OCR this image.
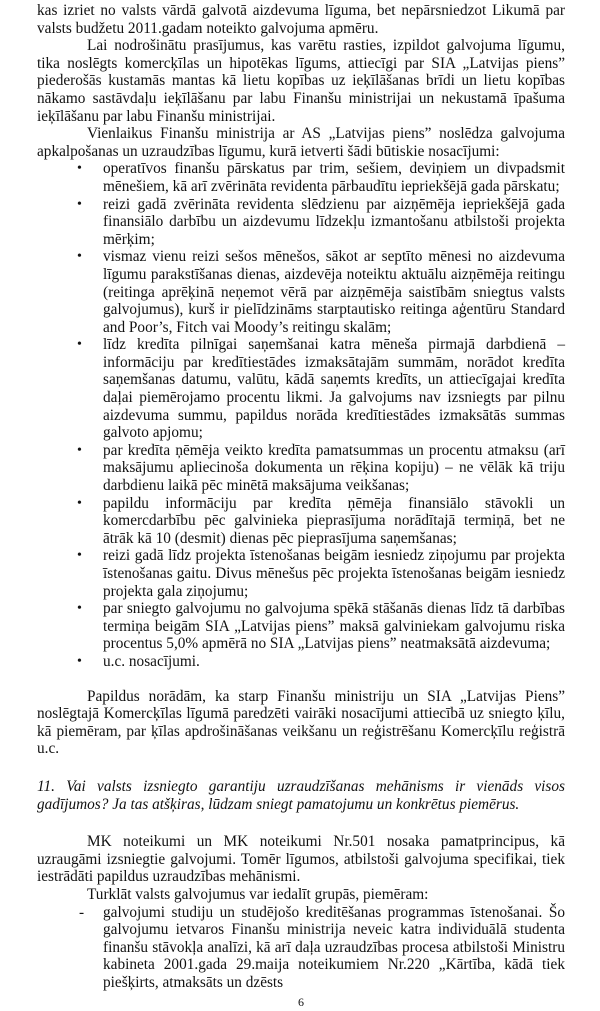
kas izriet no valsts vārdā galvotā aizdevuma līguma, bet nepārsniedzot Likumā par valsts budžetu 2011.gadam noteikto galvojuma apmēru.

Lai nodrošinātu prasījumus, kas varētu rasties, izpildot galvojuma līgumu, tika noslēgts komercķīlas un hipotēkas līgums, attiecīgi par SIA „Latvijas piens” piederošās kustamās mantas kā lietu kopības uz ieķīlāšanas brīdi un lietu kopības nākamo sastāvdaļu ieķīlāšanu par labu Finanšu ministrijai un nekustamā īpašuma ieķīlāšanu par labu Finanšu ministrijai.

Vienlaikus Finanšu ministrija ar AS „Latvijas piens” noslēdza galvojuma apkalpošanas un uzraudzības līgumu, kurā ietverti šādi būtiskie nosacījumi:

• operatīvos finanšu pārskatus par trim, sešiem, deviņiem un divpadsmit mēnešiem, kā arī zvērināta revidenta pārbaudītu iepriekšējā gada pārskatu;
• reizi gadā zvērināta revidenta slēdzienu par aizņēmēja iepriekšējā gada finansiālo darbību un aizdevumu līdzekļu izmantošanu atbilstoši projekta mērķim;
• vismaz vienu reizi sešos mēnešos, sākot ar septīto mēnesi no aizdevuma līgumu parakstīšanas dienas, aizdevēja noteiktu aktuālu aizņēmēja reitingu (reitinga aprēķinā neņemot vērā par aizņēmēja saistībām sniegtus valsts galvojumus), kurš ir pielīdzināms starptautisko reitinga aģentūru Standard and Poor’s, Fitch vai Moody’s reitingu skalām;
• līdz kredīta pilnīgai saņemšanai katra mēneša pirmajā darbdienā – informāciju par kredītiestādes izmaksātajām summām, norādot kredīta saņemšanas datumu, valūtu, kādā saņemts kredīts, un attiecīgajai kredīta daļai piemērojamo procentu likmi. Ja galvojums nav izsniegts par pilnu aizdevuma summu, papildus norāda kredītiestādes izmaksātās summas galvoto apjomu;
• par kredīta ņēmēja veikto kredīta pamatsummas un procentu atmaksu (arī maksājumu apliecinoša dokumenta un rēķina kopiju) – ne vēlāk kā triju darbdienu laikā pēc minētā maksājuma veikšanas;
• papildu informāciju par kredīta ņēmēja finansiālo stāvokli un komercdarbību pēc galvinieka pieprasījuma norādītajā termiņā, bet ne ātrāk kā 10 (desmit) dienas pēc pieprasījuma saņemšanas;
• reizi gadā līdz projekta īstenošanas beigām iesniedz ziņojumu par projekta īstenošanas gaitu. Divus mēnešus pēc projekta īstenošanas beigām iesniedz projekta gala ziņojumu;
• par sniegto galvojumu no galvojuma spēkā stāšanās dienas līdz tā darbības termiņa beigām SIA „Latvijas piens” maksā galviniekam galvojumu riska procentus 5,0% apmērā no SIA „Latvijas piens” neatmaksātā aizdevuma;
• u.c. nosacījumi.

Papildus norādām, ka starp Finanšu ministriju un SIA „Latvijas Piens” noslēgtajā Komercķīlas līgumā paredzēti vairāki nosacījumi attiecībā uz sniegto ķīlu, kā piemēram, par ķīlas apdrošināšanas veikšanu un reģistrēšanu Komercķīlu reģistrā u.c.

11. Vai valsts izsniegto garantiju uzraudzīšanas mehānisms ir vienāds visos gadījumos? Ja tas atšķiras, lūdzam sniegt pamatojumu un konkrētus piemērus.

MK noteikumi un MK noteikumi Nr.501 nosaka pamatprincipus, kā uzraugāmi izsniegtie galvojumi. Tomēr līgumos, atbilstoši galvojuma specifikai, tiek iestrādāti papildus uzraudzības mehānismi.

Turklāt valsts galvojumus var iedalīt grupās, piemēram:

- galvojumi studiju un studējošo kreditēšanas programmas īstenošanai. Šo galvojumu ietvaros Finanšu ministrija neveic katra individuālā studenta finanšu stāvokļa analīzi, kā arī daļa uzraudzības procesa atbilstoši Ministru kabineta 2001.gada 29.maija noteikumiem Nr.220 „Kārtība, kādā tiek piešķirts, atmaksāts un dzēsts
6
